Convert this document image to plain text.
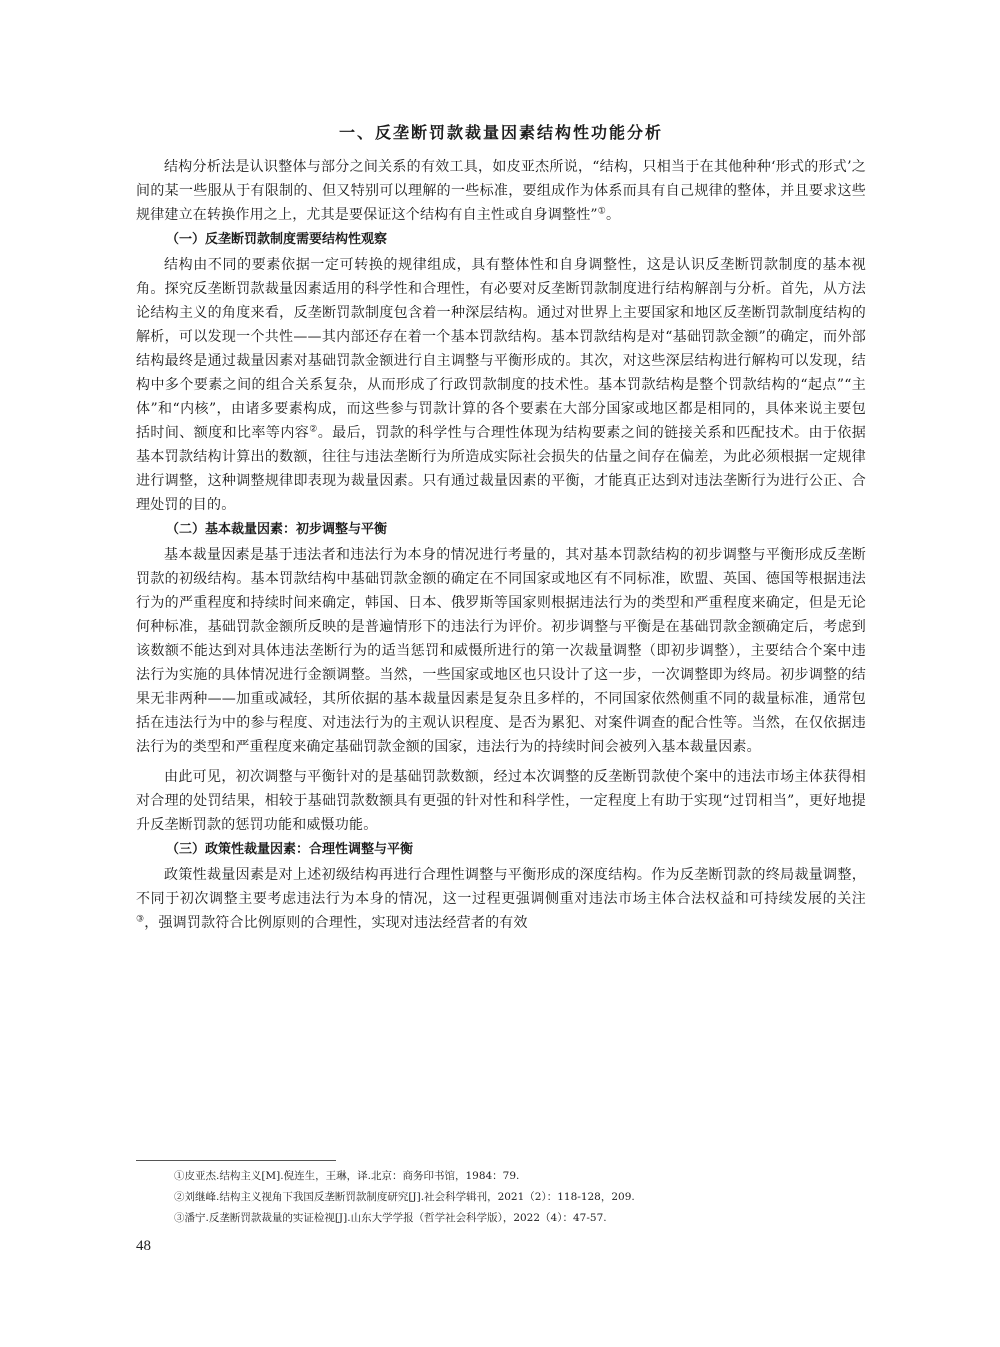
一、反垄断罚款裁量因素结构性功能分析

结构分析法是认识整体与部分之间关系的有效工具，如皮亚杰所说，“结构，只相当于在其他种种‘形式的形式’之间的某一些服从于有限制的、但又特别可以理解的一些标准，要组成作为体系而具有自己规律的整体，并且要求这些规律建立在转换作用之上，尤其是要保证这个结构有自主性或自身调整性”①。

（一）反垄断罚款制度需要结构性观察

结构由不同的要素依据一定可转换的规律组成，具有整体性和自身调整性，这是认识反垄断罚款制度的基本视角。探究反垄断罚款裁量因素适用的科学性和合理性，有必要对反垄断罚款制度进行结构解剖与分析。首先，从方法论结构主义的角度来看，反垄断罚款制度包含着一种深层结构。通过对世界上主要国家和地区反垄断罚款制度结构的解析，可以发现一个共性——其内部还存在着一个基本罚款结构。基本罚款结构是对“基础罚款金额”的确定，而外部结构最终是通过裁量因素对基础罚款金额进行自主调整与平衡形成的。其次，对这些深层结构进行解构可以发现，结构中多个要素之间的组合关系复杂，从而形成了行政罚款制度的技术性。基本罚款结构是整个罚款结构的“起点”“主体”和“内核”，由诸多要素构成，而这些参与罚款计算的各个要素在大部分国家或地区都是相同的，具体来说主要包括时间、额度和比率等内容②。最后，罚款的科学性与合理性体现为结构要素之间的链接关系和匹配技术。由于依据基本罚款结构计算出的数额，往往与违法垄断行为所造成实际社会损失的估量之间存在偏差，为此必须根据一定规律进行调整，这种调整规律即表现为裁量因素。只有通过裁量因素的平衡，才能真正达到对违法垄断行为进行公正、合理处罚的目的。

（二）基本裁量因素：初步调整与平衡

基本裁量因素是基于违法者和违法行为本身的情况进行考量的，其对基本罚款结构的初步调整与平衡形成反垄断罚款的初级结构。基本罚款结构中基础罚款金额的确定在不同国家或地区有不同标准，欧盟、英国、德国等根据违法行为的严重程度和持续时间来确定，韩国、日本、俄罗斯等国家则根据违法行为的类型和严重程度来确定，但是无论何种标准，基础罚款金额所反映的是普遍情形下的违法行为评价。初步调整与平衡是在基础罚款金额确定后，考虑到该数额不能达到对具体违法垄断行为的适当惩罚和威慑所进行的第一次裁量调整（即初步调整），主要结合个案中违法行为实施的具体情况进行金额调整。当然，一些国家或地区也只设计了这一步，一次调整即为终局。初步调整的结果无非两种——加重或减轻，其所依据的基本裁量因素是复杂且多样的，不同国家依然侧重不同的裁量标准，通常包括在违法行为中的参与程度、对违法行为的主观认识程度、是否为累犯、对案件调查的配合性等。当然，在仅依据违法行为的类型和严重程度来确定基础罚款金额的国家，违法行为的持续时间会被列入基本裁量因素。

由此可见，初次调整与平衡针对的是基础罚款数额，经过本次调整的反垄断罚款使个案中的违法市场主体获得相对合理的处罚结果，相较于基础罚款数额具有更强的针对性和科学性，一定程度上有助于实现“过罚相当”，更好地提升反垄断罚款的惩罚功能和威慑功能。

（三）政策性裁量因素：合理性调整与平衡

政策性裁量因素是对上述初级结构再进行合理性调整与平衡形成的深度结构。作为反垄断罚款的终局裁量调整，不同于初次调整主要考虑违法行为本身的情况，这一过程更强调侧重对违法市场主体合法权益和可持续发展的关注③，强调罚款符合比例原则的合理性，实现对违法经营者的有效

①皮亚杰.结构主义[M].倪连生，王琳，译.北京：商务印书馆，1984：79.
②刘继峰.结构主义视角下我国反垄断罚款制度研究[J].社会科学辑刊，2021（2）：118-128，209.
③潘宁.反垄断罚款裁量的实证检视[J].山东大学学报（哲学社会科学版），2022（4）：47-57.
48
